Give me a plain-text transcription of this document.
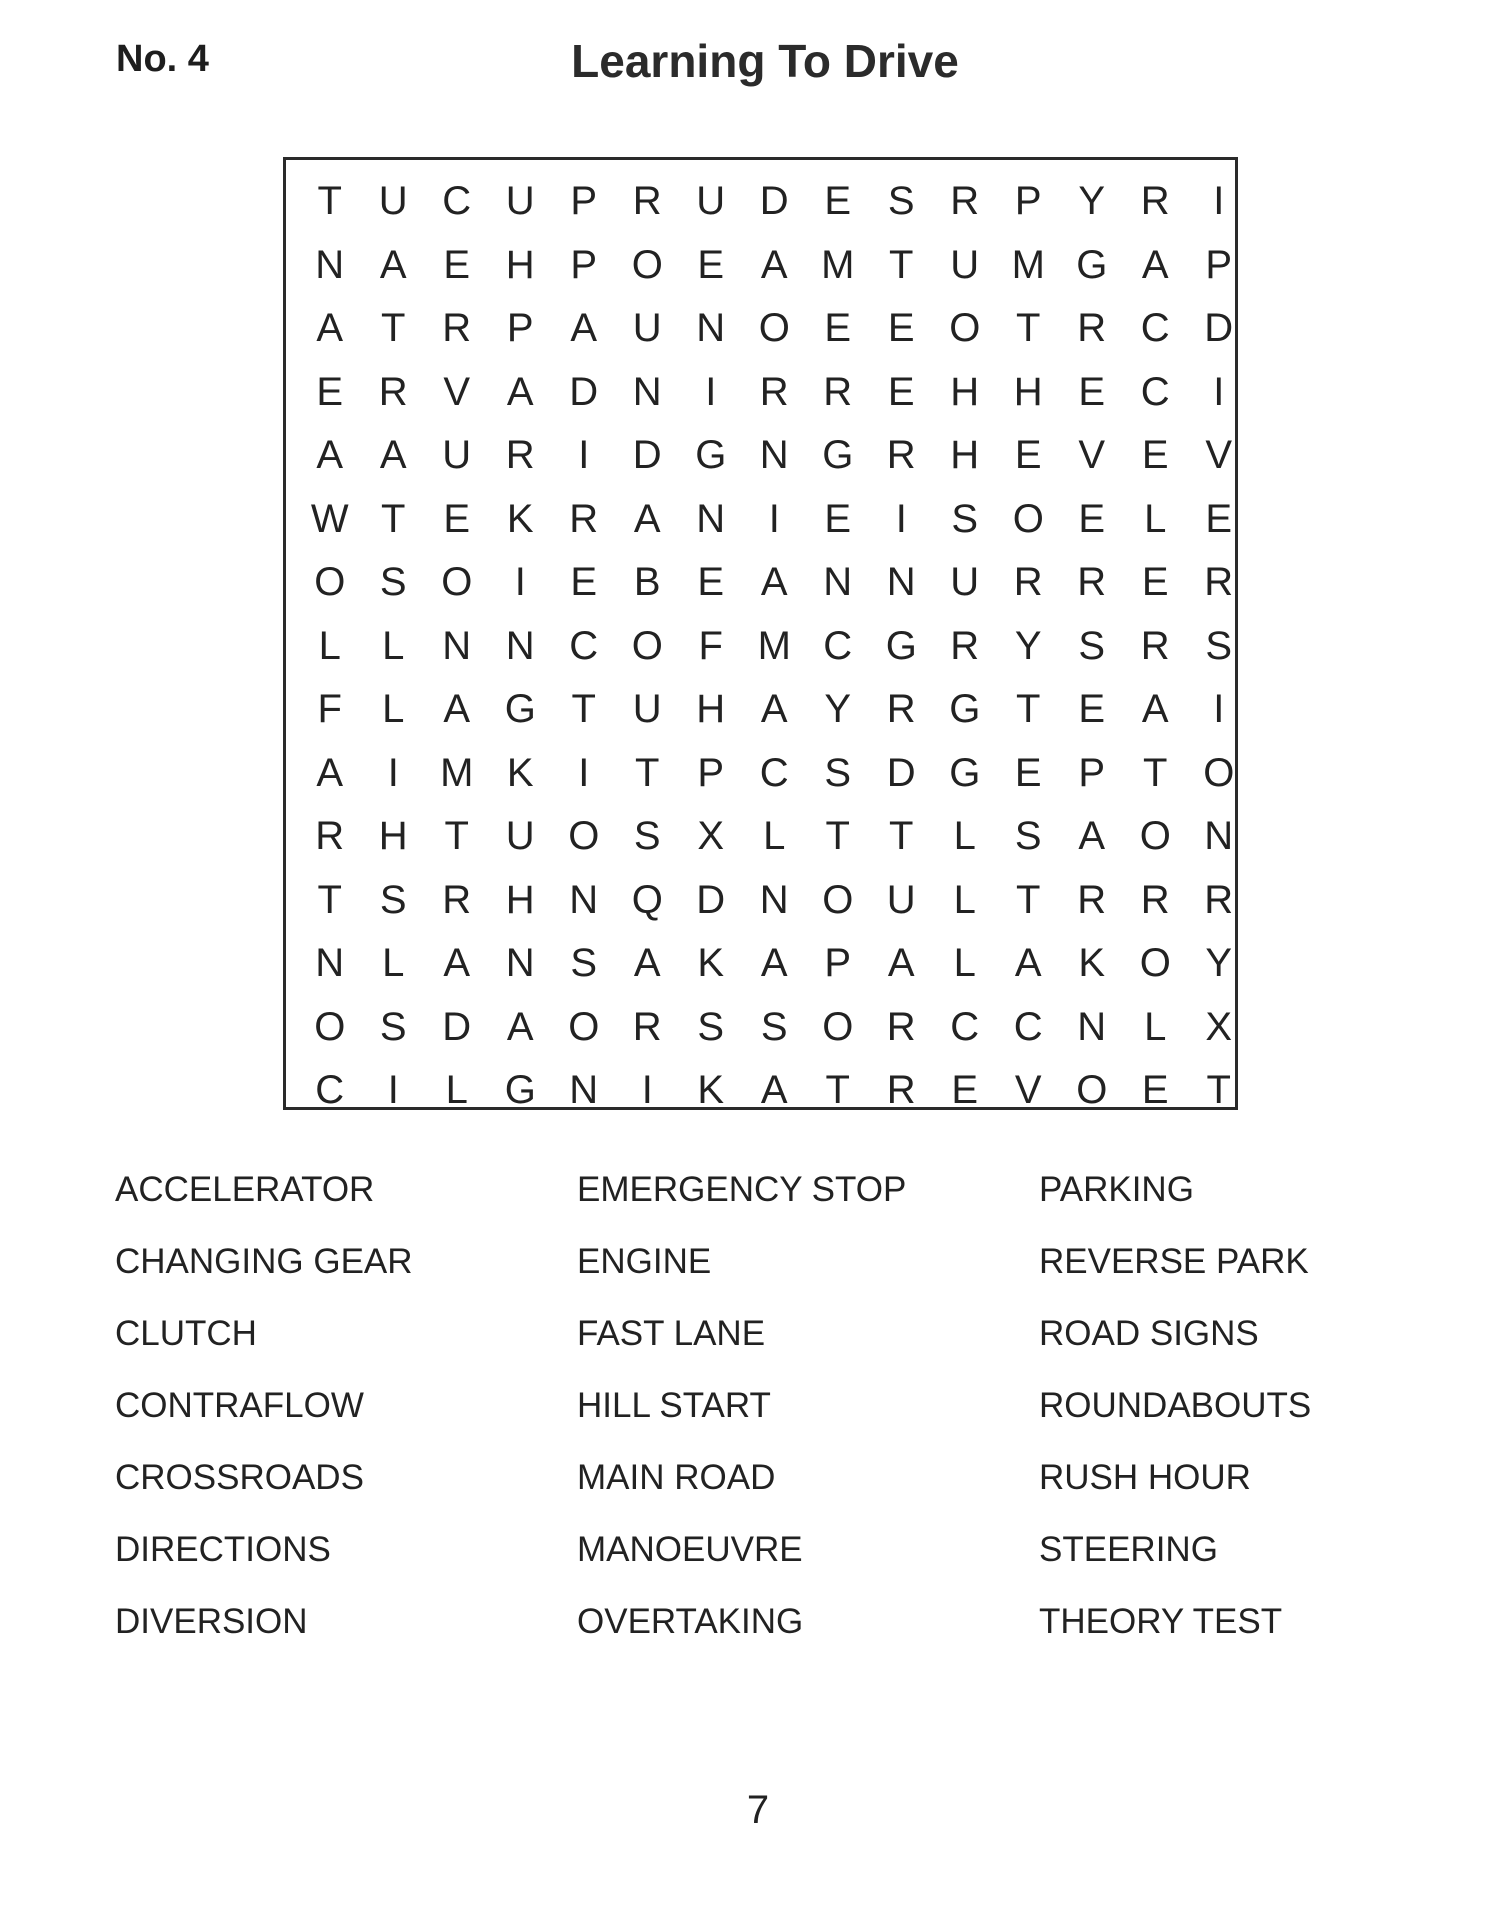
No. 4	Learning To Drive
T U C U P R U D E S R P Y R	I
N A E H P O E A M T U M G A P
A T R P A U N O E E O T R C D
E R V A D N	I	R R E H H E C	I
A A U R	I	D G N G R H E V E V
W T E K R A N	I	E	I	S O E L E
O S O	I	E B E A N N U R R E R
L	L N N C O F M C G R Y S R S
F	L A G T U H A Y R G T E A	I
A	I	M K	I	T P C S D G E P T O
R H T U O S X L	T T	L S A O N
T S R H N Q D N O U L	T R R R
N L A N S A K A P A L A K O Y
O S D A O R S S O R C C N L X
C	I	L G N	I	K A T R E V O E T
ACCELERATOR
CHANGING GEAR
CLUTCH
CONTRAFLOW
CROSSROADS
DIRECTIONS
DIVERSION
EMERGENCY STOP
ENGINE
FAST LANE
HILL START
MAIN ROAD
MANOEUVRE
OVERTAKING
PARKING
REVERSE PARK
ROAD SIGNS
ROUNDABOUTS
RUSH HOUR
STEERING
THEORY TEST
7
